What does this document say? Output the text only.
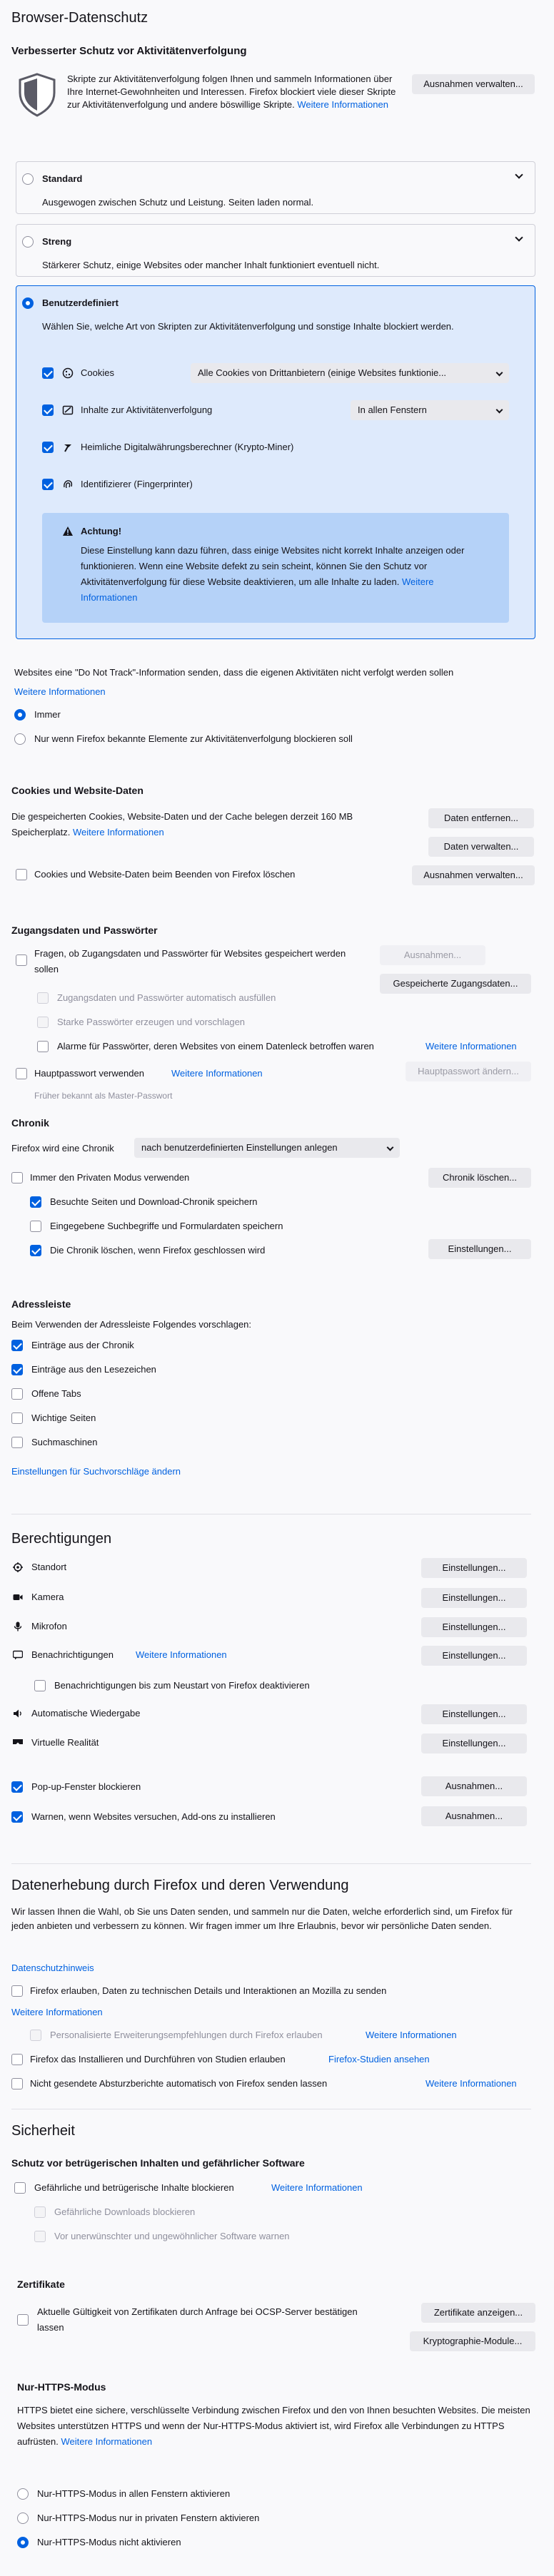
Browser-Datenschutz
Verbesserter Schutz vor Aktivitätenverfolgung
Skripte zur Aktivitätenverfolgung folgen Ihnen und sammeln Informationen über Ihre Internet-Gewohnheiten und Interessen. Firefox blockiert viele dieser Skripte zur Aktivitätenverfolgung und andere böswillige Skripte. Weitere Informationen
Ausnahmen verwalten...
Standard
Ausgewogen zwischen Schutz und Leistung. Seiten laden normal.
Streng
Stärkerer Schutz, einige Websites oder mancher Inhalt funktioniert eventuell nicht.
Benutzerdefiniert
Wählen Sie, welche Art von Skripten zur Aktivitätenverfolgung und sonstige Inhalte blockiert werden.
Cookies	Alle Cookies von Drittanbietern (einige Websites funktionie...
Inhalte zur Aktivitätenverfolgung	In allen Fenstern
Heimliche Digitalwährungsberechner (Krypto-Miner)
Identifizierer (Fingerprinter)
Achtung!
Diese Einstellung kann dazu führen, dass einige Websites nicht korrekt Inhalte anzeigen oder funktionieren. Wenn eine Website defekt zu sein scheint, können Sie den Schutz vor Aktivitätenverfolgung für diese Website deaktivieren, um alle Inhalte zu laden. Weitere Informationen
Websites eine "Do Not Track"-Information senden, dass die eigenen Aktivitäten nicht verfolgt werden sollen
Weitere Informationen
Immer
Nur wenn Firefox bekannte Elemente zur Aktivitätenverfolgung blockieren soll
Cookies und Website-Daten
Die gespeicherten Cookies, Website-Daten und der Cache belegen derzeit 160 MB Speicherplatz. Weitere Informationen
Daten entfernen...
Daten verwalten...
Cookies und Website-Daten beim Beenden von Firefox löschen	Ausnahmen verwalten...
Zugangsdaten und Passwörter
Fragen, ob Zugangsdaten und Passwörter für Websites gespeichert werden sollen
Ausnahmen...
Gespeicherte Zugangsdaten...
Zugangsdaten und Passwörter automatisch ausfüllen
Starke Passwörter erzeugen und vorschlagen
Alarme für Passwörter, deren Websites von einem Datenleck betroffen waren	Weitere Informationen
Hauptpasswort verwenden	Weitere Informationen	Hauptpasswort ändern...
Früher bekannt als Master-Passwort
Chronik
Firefox wird eine Chronik	nach benutzerdefinierten Einstellungen anlegen
Immer den Privaten Modus verwenden	Chronik löschen...
Besuchte Seiten und Download-Chronik speichern
Eingegebene Suchbegriffe und Formulardaten speichern
Die Chronik löschen, wenn Firefox geschlossen wird	Einstellungen...
Adressleiste
Beim Verwenden der Adressleiste Folgendes vorschlagen:
Einträge aus der Chronik
Einträge aus den Lesezeichen
Offene Tabs
Wichtige Seiten
Suchmaschinen
Einstellungen für Suchvorschläge ändern
Berechtigungen
Standort	Einstellungen...
Kamera	Einstellungen...
Mikrofon	Einstellungen...
Benachrichtigungen Weitere Informationen	Einstellungen...
Benachrichtigungen bis zum Neustart von Firefox deaktivieren
Automatische Wiedergabe	Einstellungen...
Virtuelle Realität	Einstellungen...
Pop-up-Fenster blockieren	Ausnahmen...
Warnen, wenn Websites versuchen, Add-ons zu installieren	Ausnahmen...
Datenerhebung durch Firefox und deren Verwendung
Wir lassen Ihnen die Wahl, ob Sie uns Daten senden, und sammeln nur die Daten, welche erforderlich sind, um Firefox für jeden anbieten und verbessern zu können. Wir fragen immer um Ihre Erlaubnis, bevor wir persönliche Daten senden.
Datenschutzhinweis
Firefox erlauben, Daten zu technischen Details und Interaktionen an Mozilla zu senden
Weitere Informationen
Personalisierte Erweiterungsempfehlungen durch Firefox erlauben	Weitere Informationen
Firefox das Installieren und Durchführen von Studien erlauben	Firefox-Studien ansehen
Nicht gesendete Absturzberichte automatisch von Firefox senden lassen	Weitere Informationen
Sicherheit
Schutz vor betrügerischen Inhalten und gefährlicher Software
Gefährliche und betrügerische Inhalte blockieren	Weitere Informationen
Gefährliche Downloads blockieren
Vor unerwünschter und ungewöhnlicher Software warnen
Zertifikate
Aktuelle Gültigkeit von Zertifikaten durch Anfrage bei OCSP-Server bestätigen lassen
Zertifikate anzeigen...
Kryptographie-Module...
Nur-HTTPS-Modus
HTTPS bietet eine sichere, verschlüsselte Verbindung zwischen Firefox und den von Ihnen besuchten Websites. Die meisten Websites unterstützen HTTPS und wenn der Nur-HTTPS-Modus aktiviert ist, wird Firefox alle Verbindungen zu HTTPS aufrüsten. Weitere Informationen
Nur-HTTPS-Modus in allen Fenstern aktivieren
Nur-HTTPS-Modus nur in privaten Fenstern aktivieren
Nur-HTTPS-Modus nicht aktivieren
